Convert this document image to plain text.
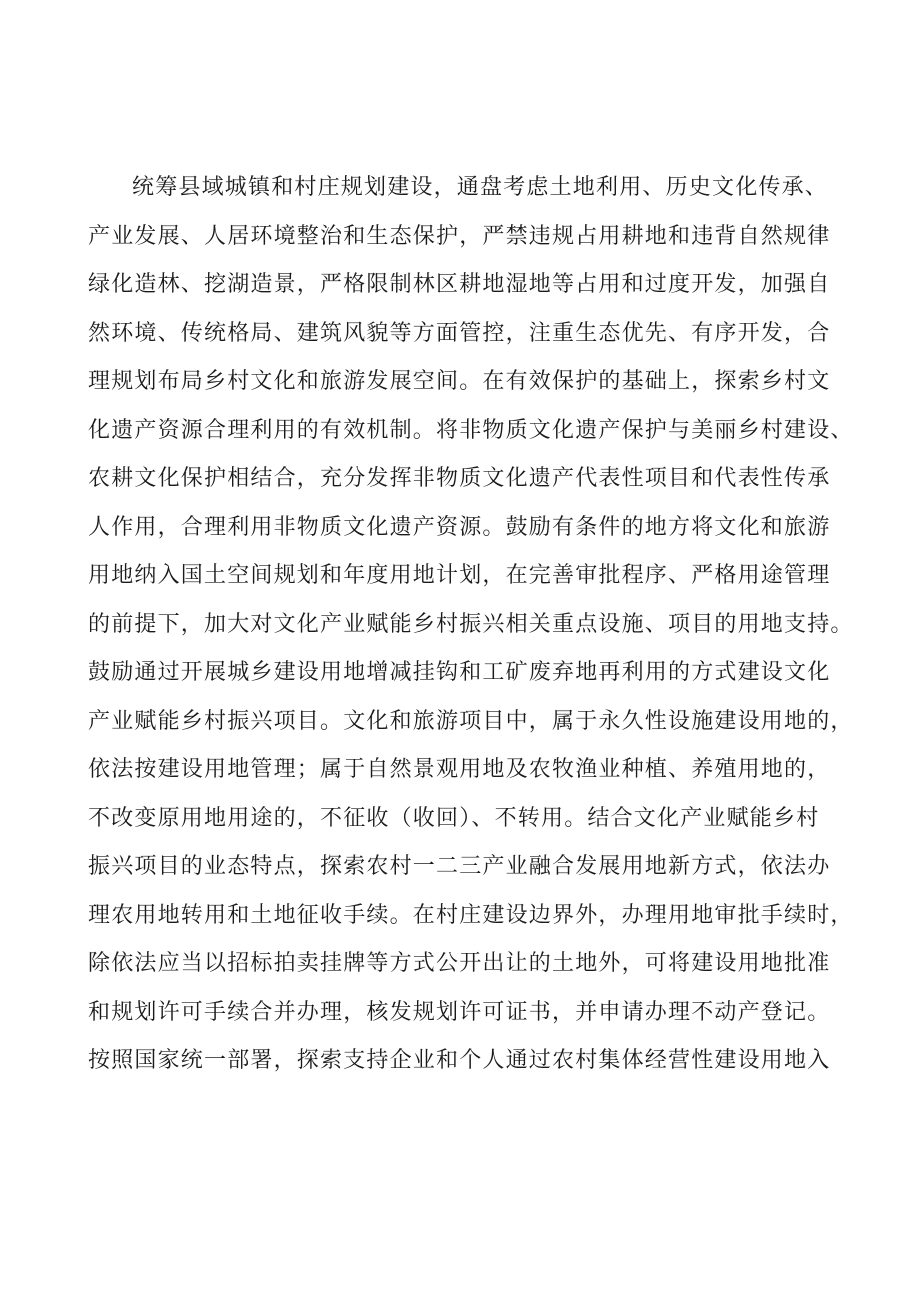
统筹县域城镇和村庄规划建设，通盘考虑土地利用、历史文化传承、
产业发展、人居环境整治和生态保护，严禁违规占用耕地和违背自然规律
绿化造林、挖湖造景，严格限制林区耕地湿地等占用和过度开发，加强自
然环境、传统格局、建筑风貌等方面管控，注重生态优先、有序开发，合
理规划布局乡村文化和旅游发展空间。在有效保护的基础上，探索乡村文
化遗产资源合理利用的有效机制。将非物质文化遗产保护与美丽乡村建设、
农耕文化保护相结合，充分发挥非物质文化遗产代表性项目和代表性传承
人作用，合理利用非物质文化遗产资源。鼓励有条件的地方将文化和旅游
用地纳入国土空间规划和年度用地计划，在完善审批程序、严格用途管理
的前提下，加大对文化产业赋能乡村振兴相关重点设施、项目的用地支持。
鼓励通过开展城乡建设用地增减挂钩和工矿废弃地再利用的方式建设文化
产业赋能乡村振兴项目。文化和旅游项目中，属于永久性设施建设用地的，
依法按建设用地管理；属于自然景观用地及农牧渔业种植、养殖用地的，
不改变原用地用途的，不征收（收回）、不转用。结合文化产业赋能乡村
振兴项目的业态特点，探索农村一二三产业融合发展用地新方式，依法办
理农用地转用和土地征收手续。在村庄建设边界外，办理用地审批手续时，
除依法应当以招标拍卖挂牌等方式公开出让的土地外，可将建设用地批准
和规划许可手续合并办理，核发规划许可证书，并申请办理不动产登记。
按照国家统一部署，探索支持企业和个人通过农村集体经营性建设用地入
